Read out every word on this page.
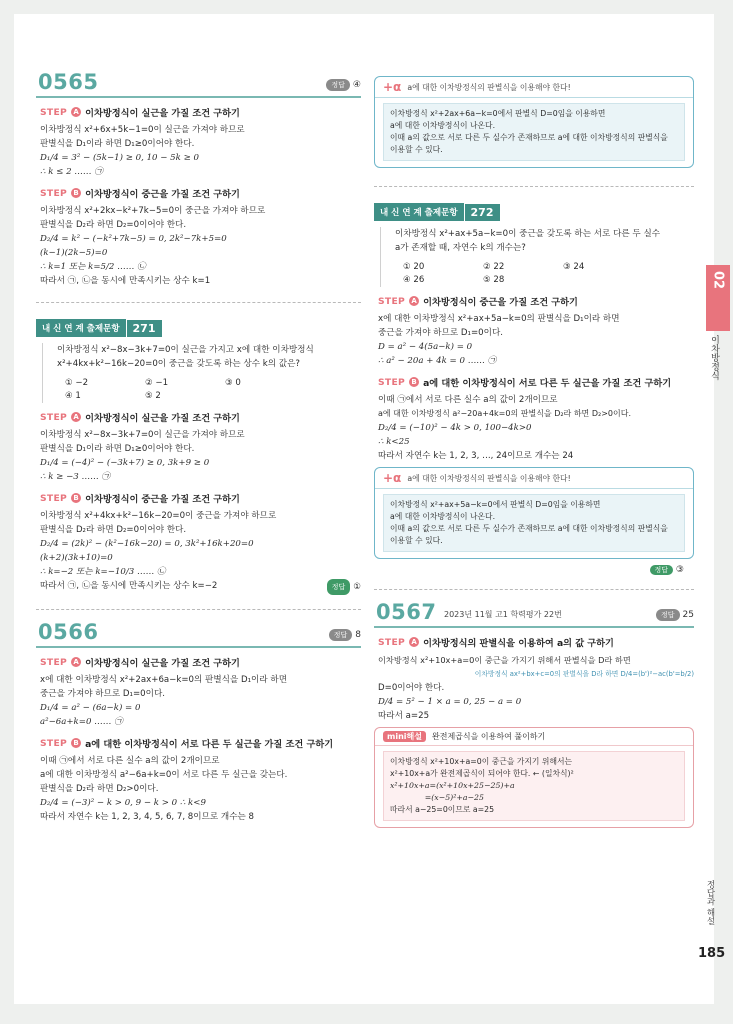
0565	정답 ④
STEP A 이차방정식이 실근을 가질 조건 구하기
이차방정식 x²+6x+5k−1=0이 실근을 가져야 하므로
판별식을 D₁이라 하면 D₁≥0이어야 한다.
D₁/4 = 3² − (5k−1) ≥ 0, 10 − 5k ≥ 0
∴ k ≤ 2 …… ㉠
STEP B 이차방정식이 중근을 가질 조건 구하기
이차방정식 x²+2kx−k²+7k−5=0이 중근을 가져야 하므로
판별식을 D₂라 하면 D₂=0이어야 한다.
D₂/4 = k² − (−k²+7k−5) = 0, 2k²−7k+5=0
(k−1)(2k−5)=0
∴ k=1 또는 k=5/2 …… ㉡
따라서 ㉠, ㉡을 동시에 만족시키는 상수 k=1
내 신 연 계 출제문항	271
이차방정식 x²−8x−3k+7=0이 실근을 가지고 x에 대한 이차방정식
x²+4kx+k²−16k−20=0이 중근을 갖도록 하는 상수 k의 값은?
① −2	② −1	③ 0
④ 1	⑤ 2
STEP A 이차방정식이 실근을 가질 조건 구하기
이차방정식 x²−8x−3k+7=0이 실근을 가져야 하므로
판별식을 D₁이라 하면 D₁≥0이어야 한다.
D₁/4 = (−4)² − (−3k+7) ≥ 0, 3k+9 ≥ 0
∴ k ≥ −3 …… ㉠
STEP B 이차방정식이 중근을 가질 조건 구하기
이차방정식 x²+4kx+k²−16k−20=0이 중근을 가져야 하므로
판별식을 D₂라 하면 D₂=0이어야 한다.
D₂/4 = (2k)² − (k²−16k−20) = 0, 3k²+16k+20=0
(k+2)(3k+10)=0
∴ k=−2 또는 k=−10/3 …… ㉡
따라서 ㉠, ㉡을 동시에 만족시키는 상수 k=−2	정답 ①
0566	정답 8
STEP A 이차방정식이 실근을 가질 조건 구하기
x에 대한 이차방정식 x²+2ax+6a−k=0의 판별식을 D₁이라 하면
중근을 가져야 하므로 D₁=0이다.
D₁/4 = a² − (6a−k) = 0
a²−6a+k=0 …… ㉠
STEP B a에 대한 이차방정식이 서로 다른 두 실근을 가질 조건 구하기
이때 ㉠에서 서로 다른 실수 a의 값이 2개이므로
a에 대한 이차방정식 a²−6a+k=0이 서로 다른 두 실근을 갖는다.
판별식을 D₂라 하면 D₂>0이다.
D₂/4 = (−3)² − k > 0, 9 − k > 0 ∴ k<9
따라서 자연수 k는 1, 2, 3, 4, 5, 6, 7, 8이므로 개수는 8
+α a에 대한 이차방정식의 판별식을 이용해야 한다!
이차방정식 x²+2ax+6a−k=0에서 판별식 D=0임을 이용하면
a에 대한 이차방정식이 나온다.
이때 a의 값으로 서로 다른 두 실수가 존재하므로 a에 대한 이차방정식의 판별식을
이용할 수 있다.
내 신 연 계 출제문항	272
이차방정식 x²+ax+5a−k=0이 중근을 갖도록 하는 서로 다른 두 실수
a가 존재할 때, 자연수 k의 개수는?
① 20	② 22	③ 24
④ 26	⑤ 28
STEP A 이차방정식이 중근을 가질 조건 구하기
x에 대한 이차방정식 x²+ax+5a−k=0의 판별식을 D₁이라 하면
중근을 가져야 하므로 D₁=0이다.
D = a² − 4(5a−k) = 0
∴ a² − 20a + 4k = 0 …… ㉠
STEP B a에 대한 이차방정식이 서로 다른 두 실근을 가질 조건 구하기
이때 ㉠에서 서로 다른 실수 a의 값이 2개이므로
a에 대한 이차방정식 a²−20a+4k=0의 판별식을 D₂라 하면 D₂>0이다.
D₂/4 = (−10)² − 4k > 0, 100−4k>0
∴ k<25
따라서 자연수 k는 1, 2, 3, …, 24이므로 개수는 24
+α a에 대한 이차방정식의 판별식을 이용해야 한다!
이차방정식 x²+ax+5a−k=0에서 판별식 D=0임을 이용하면
a에 대한 이차방정식이 나온다.
이때 a의 값으로 서로 다른 두 실수가 존재하므로 a에 대한 이차방정식의 판별식을
이용할 수 있다.
정답 ③
0567 2023년 11월 고1 학력평가 22번	정답 25
STEP A 이차방정식의 판별식을 이용하여 a의 값 구하기
이차방정식 x²+10x+a=0이 중근을 가지기 위해서 판별식을 D라 하면
이차방정식 ax²+bx+c=0의 판별식을 D라 하면 D/4=(b')²−ac(b'=b/2)
D=0이어야 한다.
D/4 = 5² − 1 × a = 0, 25 − a = 0
따라서 a=25
mini해설	완전제곱식을 이용하여 풀이하기
이차방정식 x²+10x+a=0이 중근을 가지기 위해서는
x²+10x+a가 완전제곱식이 되어야 한다. ← (일차식)²
x²+10x+a=(x²+10x+25−25)+a
=(x−5)²+a−25
따라서 a−25=0이므로 a=25
02
이차방정식
정답과 해설
185
